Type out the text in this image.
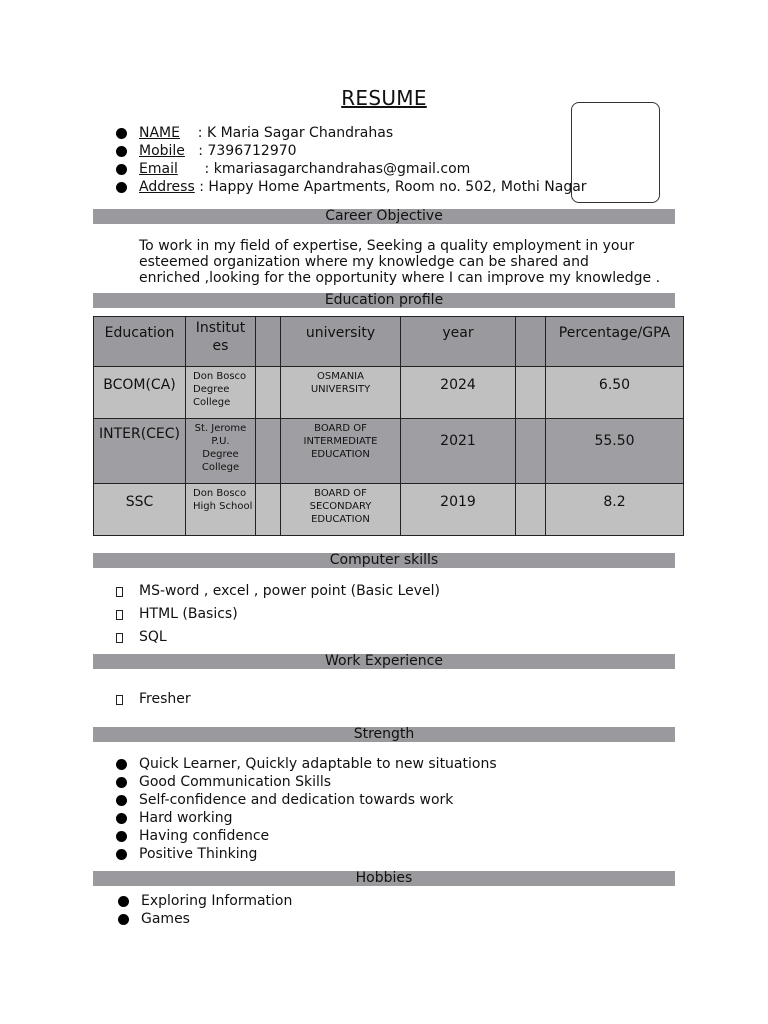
RESUME
NAME    : K Maria Sagar Chandrahas
Mobile   : 7396712970
Email      : kmariasagarchandrahas@gmail.com
Address : Happy Home Apartments, Room no. 502, Mothi Nagar
Career Objective
To work in my field of expertise, Seeking a quality employment in your
esteemed organization where my knowledge can be shared and
enriched ,looking for the opportunity where I can improve my knowledge .
Education profile
Education	Institutes		university	year		Percentage/GPA
BCOM(CA)	Don Bosco Degree College		OSMANIA UNIVERSITY	2024		6.50
INTER(CEC)	St. Jerome P.U. Degree College		BOARD OF INTERMEDIATE EDUCATION	2021		55.50
SSC	Don Bosco High School		BOARD OF SECONDARY EDUCATION	2019		8.2
Computer skills
MS-word , excel , power point (Basic Level)
HTML (Basics)
SQL
Work Experience
Fresher
Strength
Quick Learner, Quickly adaptable to new situations
Good Communication Skills
Self-confidence and dedication towards work
Hard working
Having confidence
Positive Thinking
Hobbies
Exploring Information
Games
